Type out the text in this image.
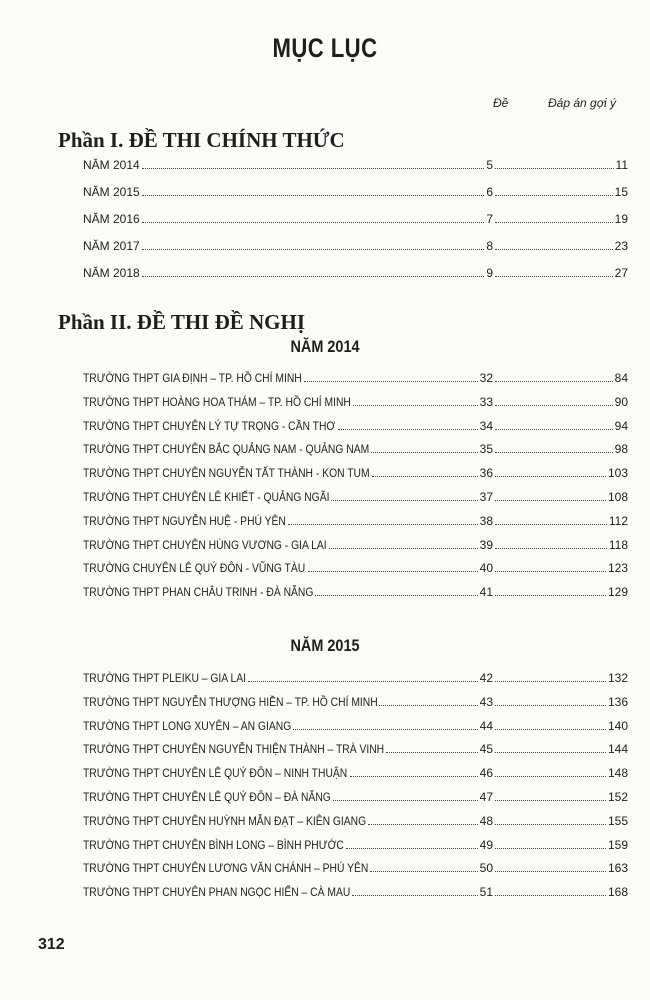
MỤC LỤC
Đề	Đáp án gợi ý
Phần I. ĐỀ THI CHÍNH THỨC
NĂM 2014	5	11
NĂM 2015	6	15
NĂM 2016	7	19
NĂM 2017	8	23
NĂM 2018	9	27
Phần II. ĐỀ THI ĐỀ NGHỊ
NĂM 2014
TRƯỜNG THPT GIA ĐỊNH – TP. HỒ CHÍ MINH	32	84
TRƯỜNG THPT HOÀNG HOA THÁM – TP. HỒ CHÍ MINH	33	90
TRƯỜNG THPT CHUYÊN LÝ TỰ TRỌNG - CẦN THƠ	34	94
TRƯỜNG THPT CHUYÊN BẮC QUẢNG NAM - QUẢNG NAM	35	98
TRƯỜNG THPT CHUYÊN NGUYỄN TẤT THÀNH - KON TUM	36	103
TRƯỜNG THPT CHUYÊN LÊ KHIẾT - QUẢNG NGÃI	37	108
TRƯỜNG THPT NGUYỄN HUỆ - PHÚ YÊN	38	112
TRƯỜNG THPT CHUYÊN HÙNG VƯƠNG - GIA LAI	39	118
TRƯỜNG CHUYÊN LÊ QUÝ ĐÔN - VŨNG TÀU	40	123
TRƯỜNG THPT PHAN CHÂU TRINH - ĐÀ NẴNG	41	129
NĂM 2015
TRƯỜNG THPT PLEIKU – GIA LAI	42	132
TRƯỜNG THPT NGUYỄN THƯỢNG HIỀN – TP. HỒ CHÍ MINH	43	136
TRƯỜNG THPT LONG XUYÊN – AN GIANG	44	140
TRƯỜNG THPT CHUYÊN NGUYỄN THIỆN THÀNH – TRÀ VINH	45	144
TRƯỜNG THPT CHUYÊN LÊ QUÝ ĐÔN – NINH THUẬN	46	148
TRƯỜNG THPT CHUYÊN LÊ QUÝ ĐÔN – ĐÀ NẴNG	47	152
TRƯỜNG THPT CHUYÊN HUỲNH MẪN ĐẠT – KIÊN GIANG	48	155
TRƯỜNG THPT CHUYÊN BÌNH LONG – BÌNH PHƯỚC	49	159
TRƯỜNG THPT CHUYÊN LƯƠNG VĂN CHÁNH – PHÚ YÊN	50	163
TRƯỜNG THPT CHUYÊN PHAN NGỌC HIỂN – CÀ MAU	51	168
312
